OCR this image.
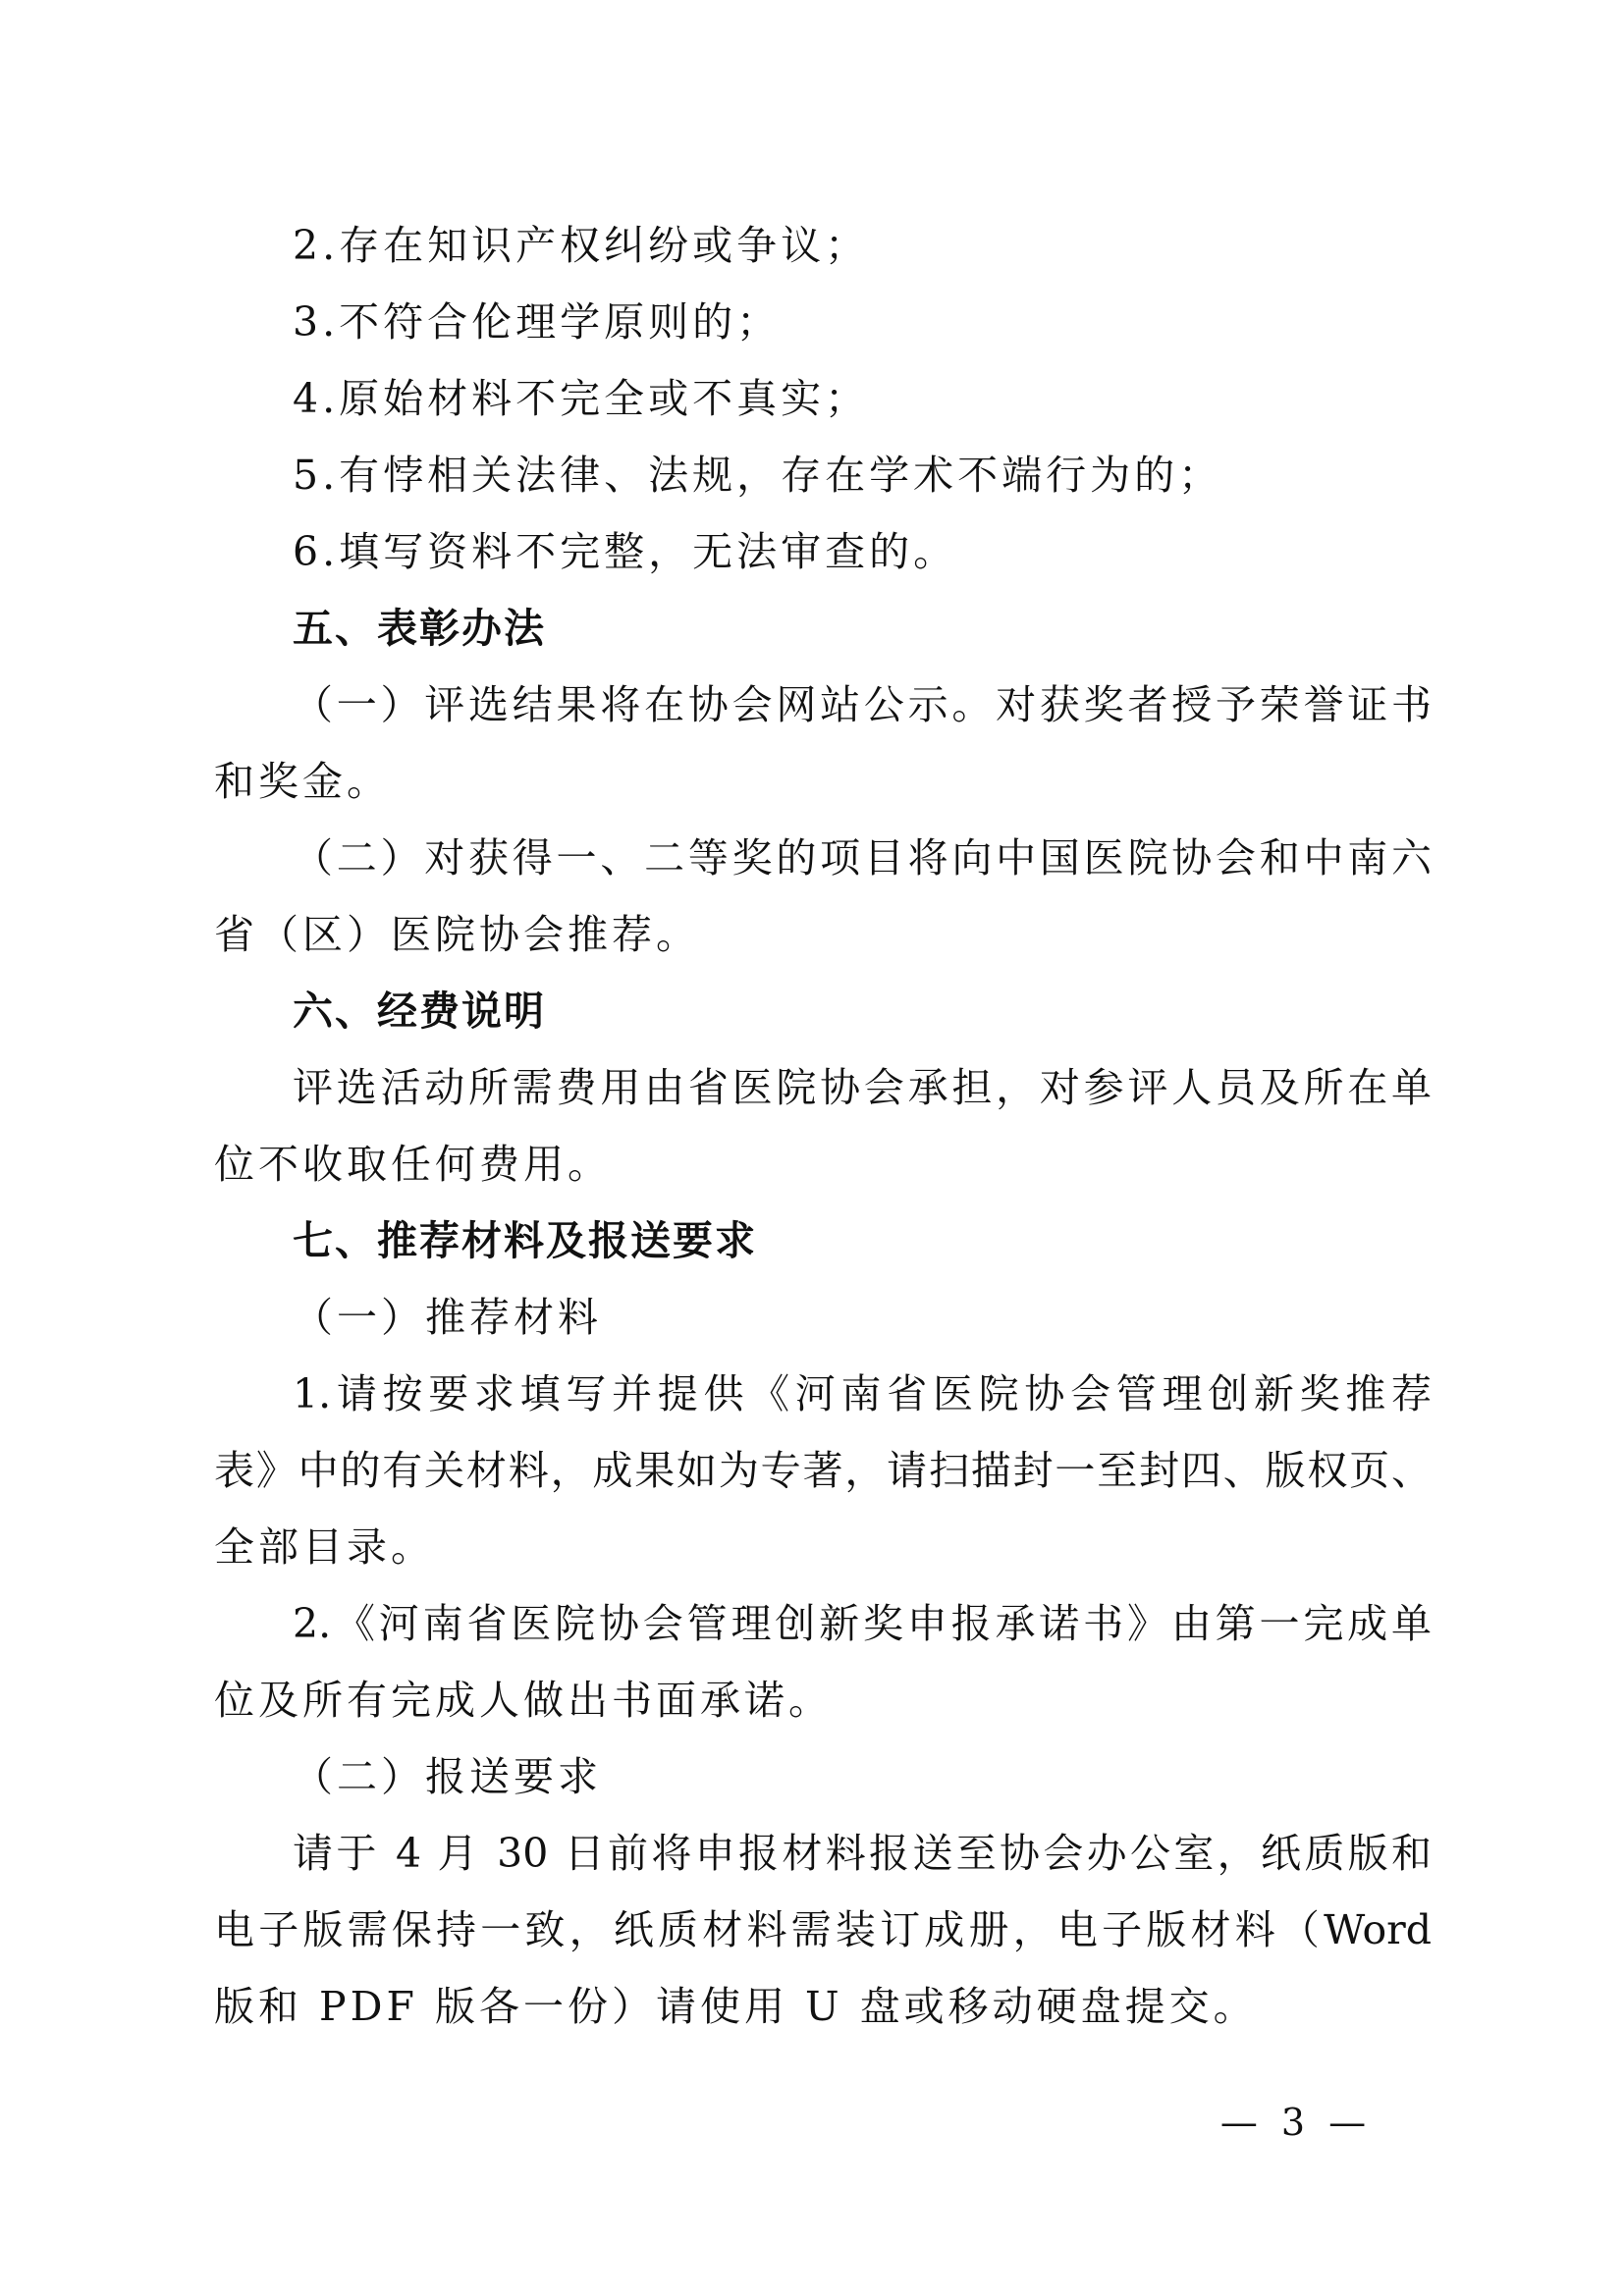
2.存在知识产权纠纷或争议；
3.不符合伦理学原则的；
4.原始材料不完全或不真实；
5.有悖相关法律、法规，存在学术不端行为的；
6.填写资料不完整，无法审查的。
五、表彰办法
（一）评选结果将在协会网站公示。对获奖者授予荣誉证书
和奖金。
（二）对获得一、二等奖的项目将向中国医院协会和中南六
省（区）医院协会推荐。
六、经费说明
评选活动所需费用由省医院协会承担，对参评人员及所在单
位不收取任何费用。
七、推荐材料及报送要求
（一）推荐材料
1.请按要求填写并提供《河南省医院协会管理创新奖推荐
表》中的有关材料，成果如为专著，请扫描封一至封四、版权页、
全部目录。
2.《河南省医院协会管理创新奖申报承诺书》由第一完成单
位及所有完成人做出书面承诺。
（二）报送要求
请于 4 月 30 日前将申报材料报送至协会办公室，纸质版和
电子版需保持一致，纸质材料需装订成册，电子版材料（Word
版和 PDF 版各一份）请使用 U 盘或移动硬盘提交。
— 3 —
